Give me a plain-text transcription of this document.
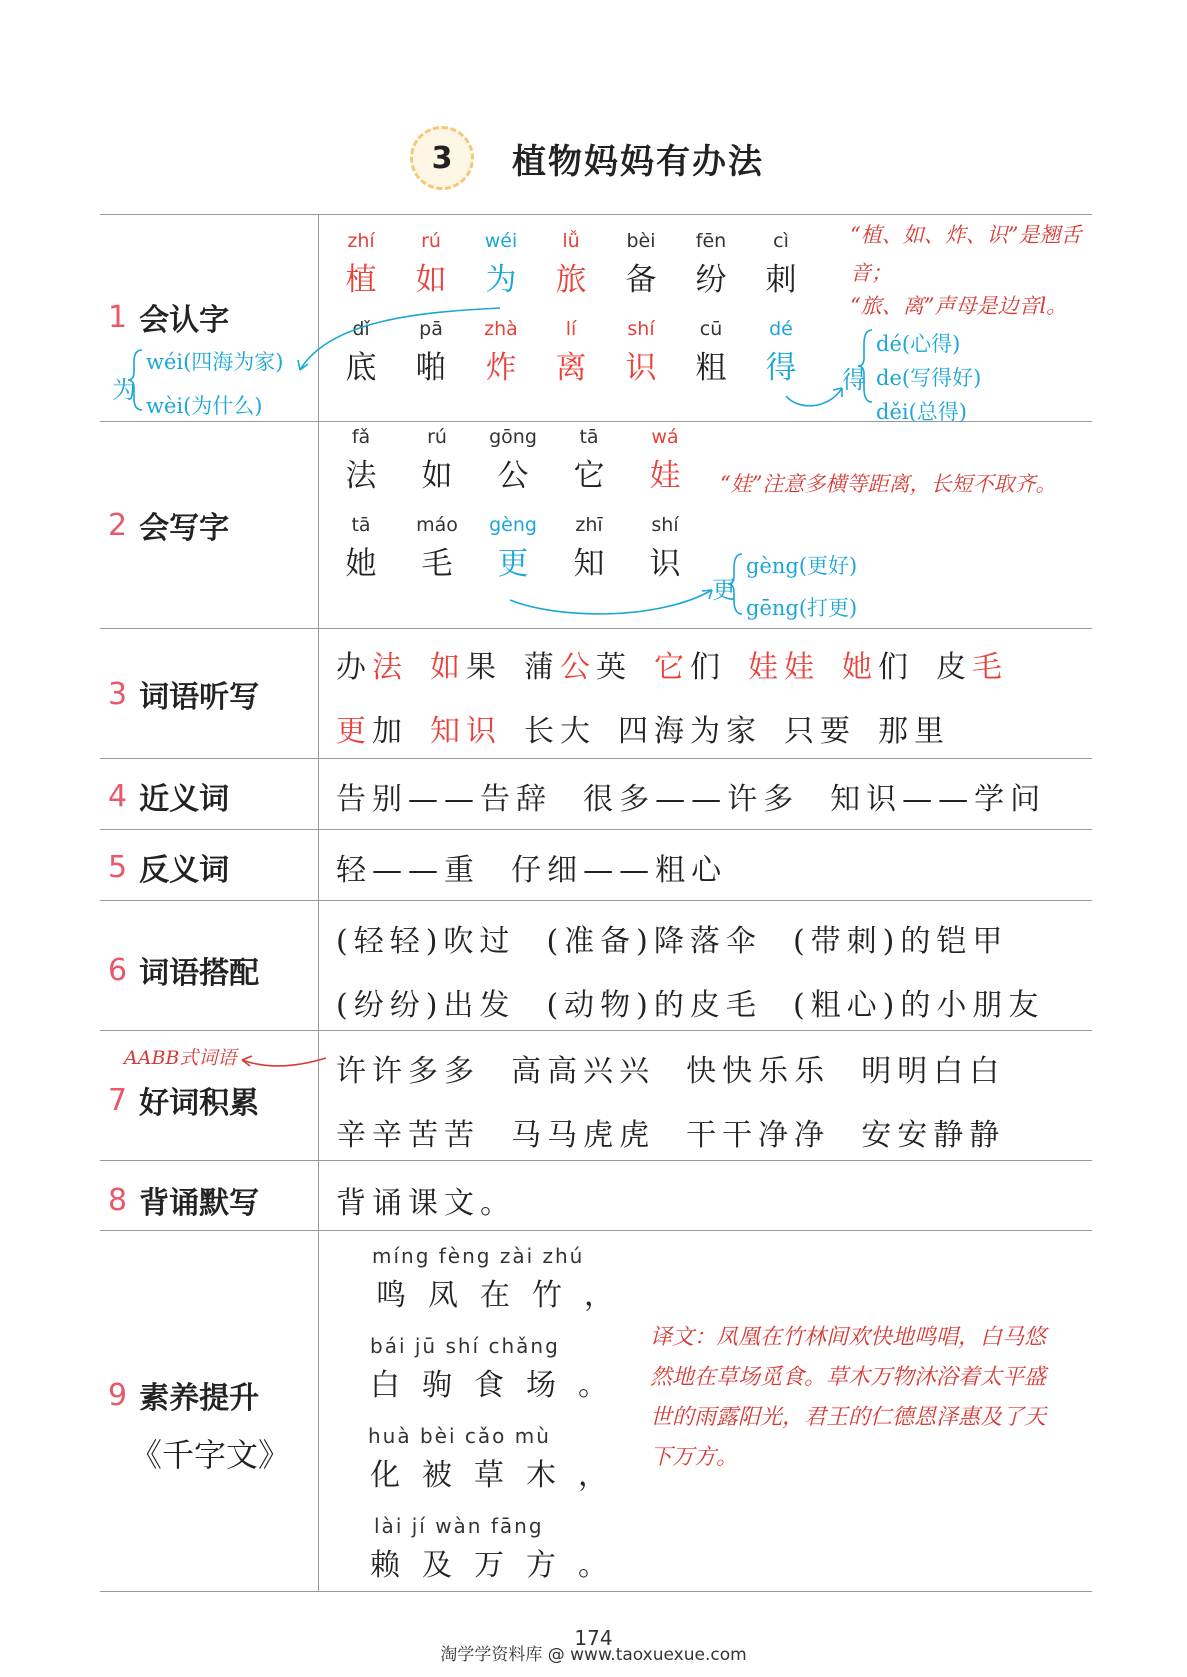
3	植物妈妈有办法
1 会认字
2 会写字
3 词语听写
4 近义词
5 反义词
6 词语搭配
7 好词积累
8 背诵默写
9 素养提升
《千字文》
zhí
植
rú
如
wéi
为
lǚ
旅
bèi
备
fēn
纷
cì
刺
dǐ
底
pā
啪
zhà
炸
lí
离
shí
识
cū
粗
dé
得
“植、如、炸、识”是翘舌音；
“旅、离”声母是边音l。
为
wéi(四海为家)
wèi(为什么)
得
dé(心得)
de(写得好)
děi(总得)
fǎ
法
rú
如
gōng
公
tā
它
wá
娃
tā
她
máo
毛
gèng
更
zhī
知
shí
识
“娃”注意多横等距离，长短不取齐。
更
gèng(更好)
gēng(打更)
办法 如果 蒲公英 它们 娃娃 她们 皮毛
更加 知识 长大 四海为家 只要 那里
告别——告辞  很多——许多  知识——学问
轻——重  仔细——粗心
(轻轻)吹过  (准备)降落伞  (带刺)的铠甲
(纷纷)出发  (动物)的皮毛  (粗心)的小朋友
AABB式词语	许许多多  高高兴兴  快快乐乐  明明白白
辛辛苦苦  马马虎虎  干干净净  安安静静
背诵课文。
míng fèng zài zhú
鸣凤在竹，
bái jū shí chǎng
白驹食场。
huà bèi cǎo mù
化被草木，
lài jí wàn fāng
赖及万方。
译文：凤凰在竹林间欢快地鸣唱，白马悠然地在草场觅食。草木万物沐浴着太平盛世的雨露阳光，君王的仁德恩泽惠及了天下万方。
174
淘学学资料库 @ www.taoxuexue.com
